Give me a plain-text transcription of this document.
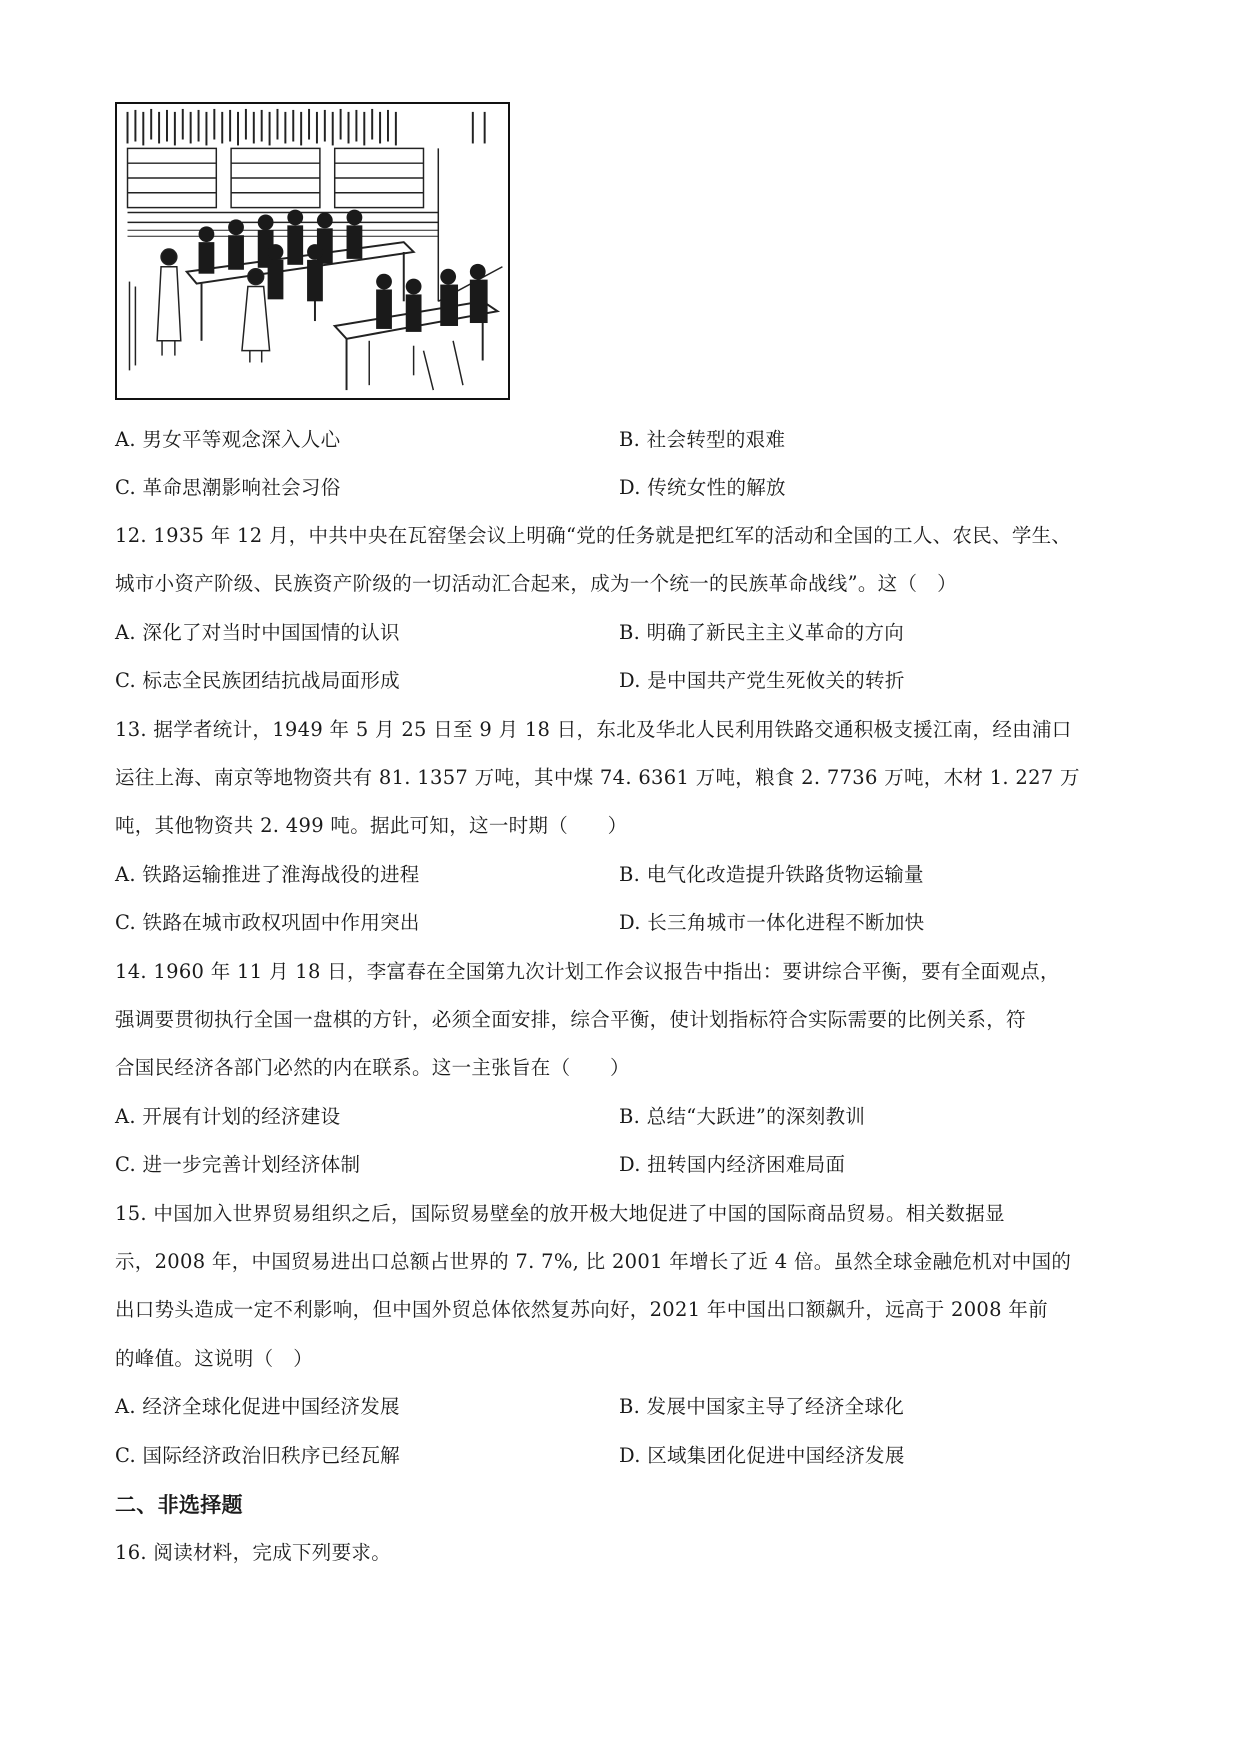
A. 男女平等观念深入人心	B. 社会转型的艰难
C. 革命思潮影响社会习俗	D. 传统女性的解放
12. 1935 年 12 月，中共中央在瓦窑堡会议上明确“党的任务就是把红军的活动和全国的工人、农民、学生、
城市小资产阶级、民族资产阶级的一切活动汇合起来，成为一个统一的民族革命战线”。这（　）
A. 深化了对当时中国国情的认识	B. 明确了新民主主义革命的方向
C. 标志全民族团结抗战局面形成	D. 是中国共产党生死攸关的转折
13. 据学者统计，1949 年 5 月 25 日至 9 月 18 日，东北及华北人民利用铁路交通积极支援江南，经由浦口
运往上海、南京等地物资共有 81. 1357 万吨，其中煤 74. 6361 万吨，粮食 2. 7736 万吨，木材 1. 227 万
吨，其他物资共 2. 499 吨。据此可知，这一时期（　　）
A. 铁路运输推进了淮海战役的进程	B. 电气化改造提升铁路货物运输量
C. 铁路在城市政权巩固中作用突出	D. 长三角城市一体化进程不断加快
14. 1960 年 11 月 18 日，李富春在全国第九次计划工作会议报告中指出：要讲综合平衡，要有全面观点，
强调要贯彻执行全国一盘棋的方针，必须全面安排，综合平衡，使计划指标符合实际需要的比例关系，符
合国民经济各部门必然的内在联系。这一主张旨在（　　）
A. 开展有计划的经济建设	B. 总结“大跃进”的深刻教训
C. 进一步完善计划经济体制	D. 扭转国内经济困难局面
15. 中国加入世界贸易组织之后，国际贸易壁垒的放开极大地促进了中国的国际商品贸易。相关数据显
示，2008 年，中国贸易进出口总额占世界的 7. 7%, 比 2001 年增长了近 4 倍。虽然全球金融危机对中国的
出口势头造成一定不利影响，但中国外贸总体依然复苏向好，2021 年中国出口额飙升，远高于 2008 年前
的峰值。这说明（　）
A. 经济全球化促进中国经济发展	B. 发展中国家主导了经济全球化
C. 国际经济政治旧秩序已经瓦解	D. 区域集团化促进中国经济发展
二、非选择题
16. 阅读材料，完成下列要求。
